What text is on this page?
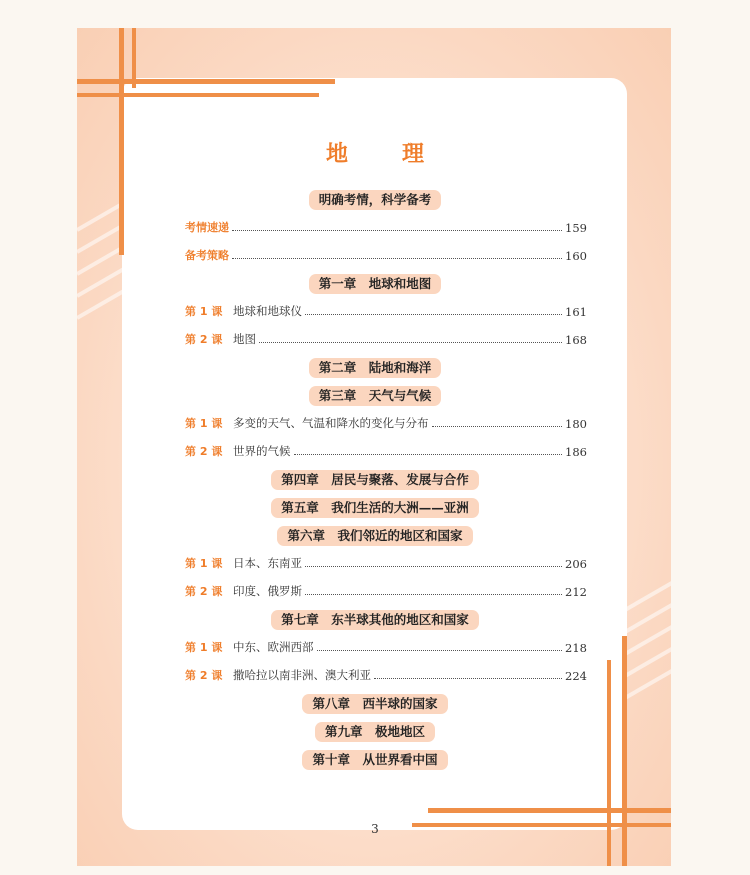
地　理
明确考情，科学备考
考情速递	159
备考策略	160
第一章　地球和地图
第 1 课 地球和地球仪	161
第 2 课 地图	168
第二章　陆地和海洋
第三章　天气与气候
第 1 课 多变的天气、气温和降水的变化与分布	180
第 2 课 世界的气候	186
第四章　居民与聚落、发展与合作
第五章　我们生活的大洲——亚洲
第六章　我们邻近的地区和国家
第 1 课 日本、东南亚	206
第 2 课 印度、俄罗斯	212
第七章　东半球其他的地区和国家
第 1 课 中东、欧洲西部	218
第 2 课 撒哈拉以南非洲、澳大利亚	224
第八章　西半球的国家
第九章　极地地区
第十章　从世界看中国
3
